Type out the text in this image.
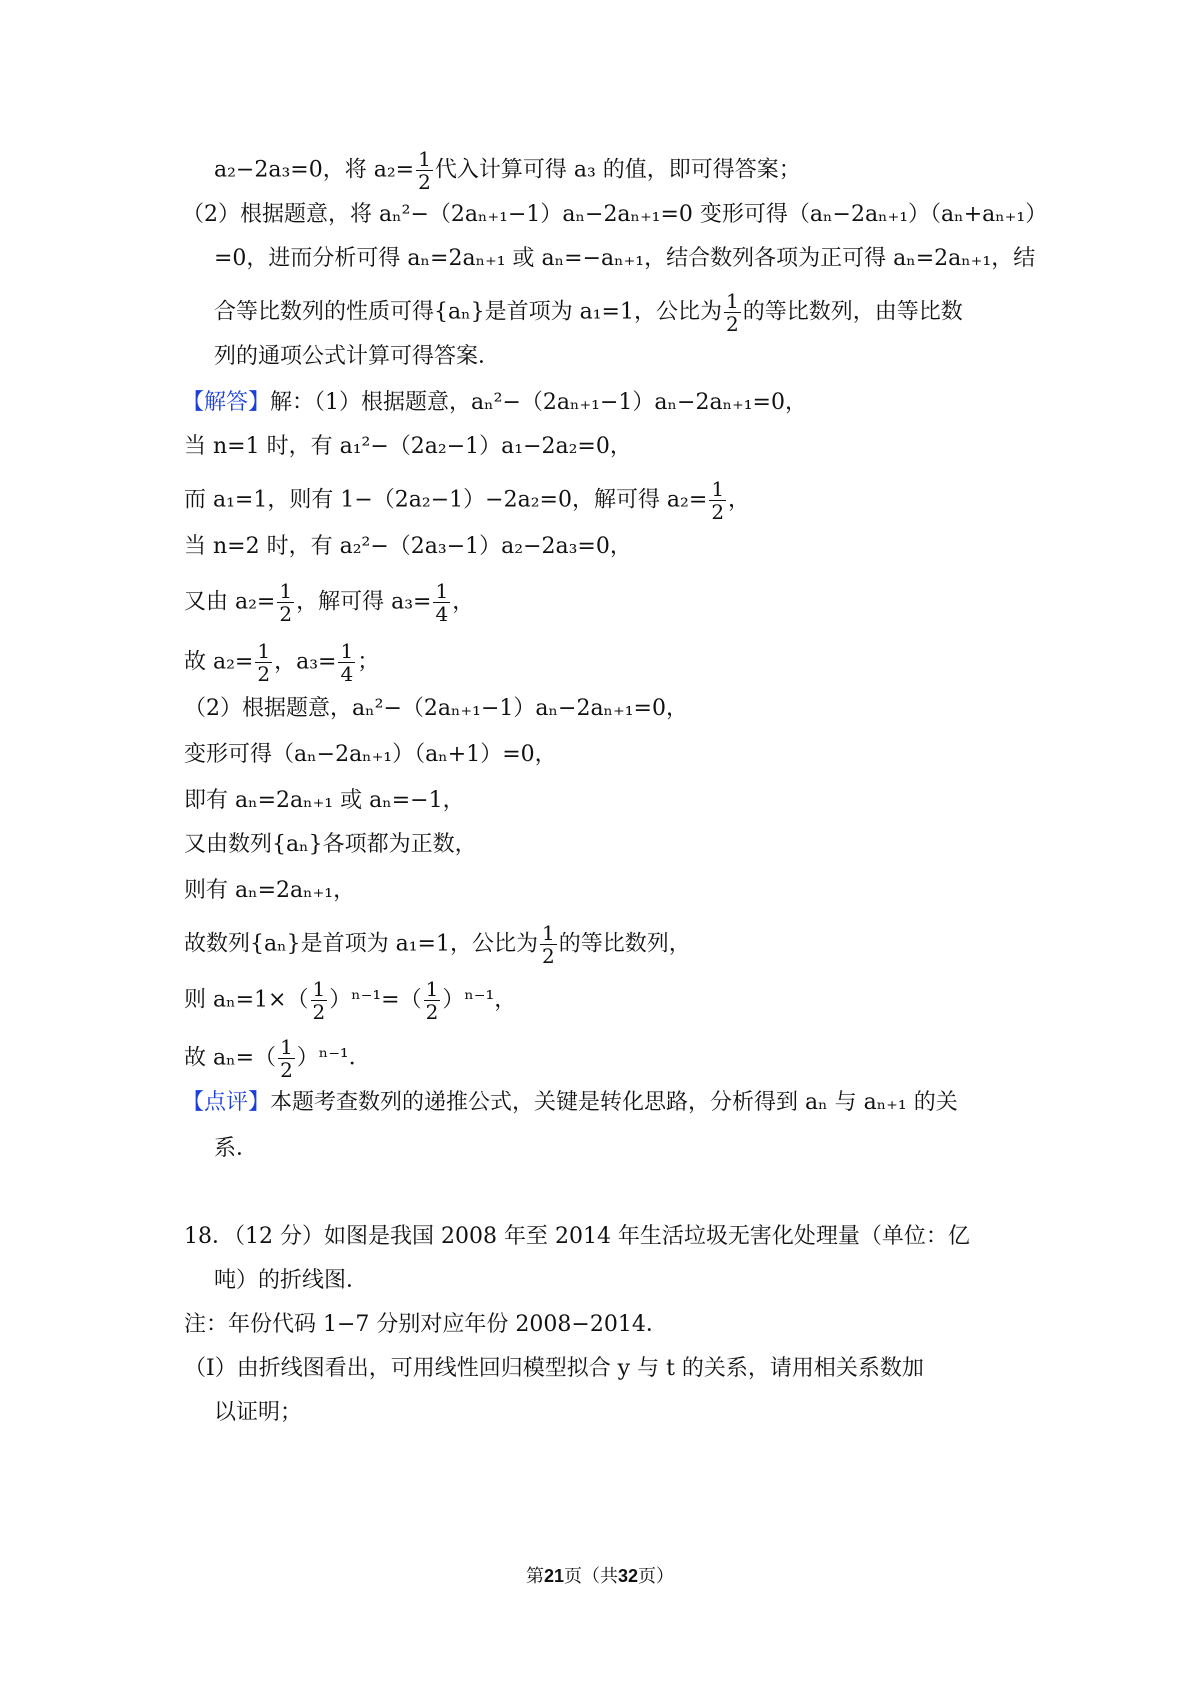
a₂−2a₃=0，将 $a_2= \frac{1}{2}$ 代入计算可得 a₃ 的值，即可得答案；
（2）根据题意，将 aₙ²−（2aₙ₊₁−1）aₙ−2aₙ₊₁=0 变形可得（aₙ−2aₙ₊₁）（aₙ+aₙ₊₁）
=0，进而分析可得 aₙ=2aₙ₊₁ 或 aₙ=−aₙ₊₁，结合数列各项为正可得 aₙ=2aₙ₊₁，结
合等比数列的性质可得{aₙ}是首项为 a₁=1，公比为 $\frac{1}{2}$ 的等比数列，由等比数
列的通项公式计算可得答案．
【解答】解：（1）根据题意，aₙ²−（2aₙ₊₁−1）aₙ−2aₙ₊₁=0，
当 n=1 时，有 a₁²−（2a₂−1）a₁−2a₂=0，
而 a₁=1，则有 1−（2a₂−1）−2a₂=0，解可得 $a_2= \frac{1}{2}$ ，
当 n=2 时，有 a₂²−（2a₃−1）a₂−2a₃=0，
又由 $a_2= \frac{1}{2}$ ，解可得 $a_3= \frac{1}{4}$ ，
故 $a_2= \frac{1}{2}$ ，$a_3= \frac{1}{4}$ ；
（2）根据题意，aₙ²−（2aₙ₊₁−1）aₙ−2aₙ₊₁=0，
变形可得（aₙ−2aₙ₊₁）（aₙ+1）=0，
即有 aₙ=2aₙ₊₁ 或 aₙ=−1，
又由数列{aₙ}各项都为正数，
则有 aₙ=2aₙ₊₁，
故数列{aₙ}是首项为 a₁=1，公比为 $\frac{1}{2}$ 的等比数列，
则 $a_n=1\times( \frac{1}{2} )^{n-1}=( \frac{1}{2} )^{n-1}$，
故 $a_n=( \frac{1}{2} )^{n-1}$．
【点评】本题考查数列的递推公式，关键是转化思路，分析得到 aₙ 与 aₙ₊₁ 的关
系．
18．（12 分）如图是我国 2008 年至 2014 年生活垃圾无害化处理量（单位：亿
吨）的折线图．
注：年份代码 1−7 分别对应年份 2008−2014．
（Ⅰ）由折线图看出，可用线性回归模型拟合 y 与 t 的关系，请用相关系数加
以证明；
第21页（共32页）
